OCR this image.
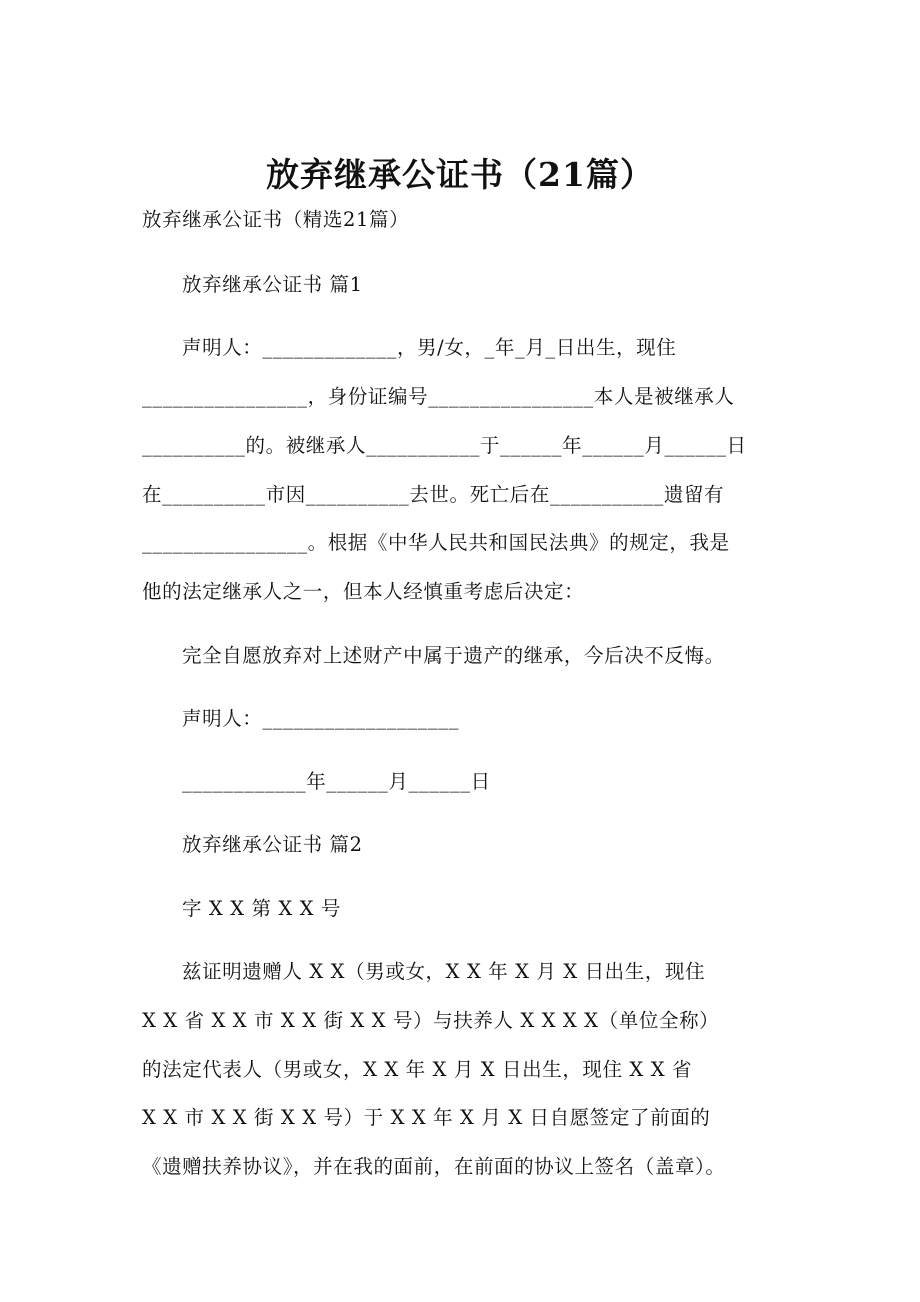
放弃继承公证书（21篇）
放弃继承公证书（精选21篇）
放弃继承公证书 篇1
声明人：_____________，男/女，_年_月_日出生，现住
________________，身份证编号________________本人是被继承人
__________的。被继承人___________于______年______月______日
在__________市因__________去世。死亡后在___________遗留有
________________。根据《中华人民共和国民法典》的规定，我是
他的法定继承人之一，但本人经慎重考虑后决定：
完全自愿放弃对上述财产中属于遗产的继承，今后决不反悔。
声明人：___________________
____________年______月______日
放弃继承公证书 篇2
字 X X 第 X X 号
兹证明遗赠人 X X（男或女，X X 年 X 月 X 日出生，现住
X X 省 X X 市 X X 街 X X 号）与扶养人 X X X X（单位全称）
的法定代表人（男或女，X X 年 X 月 X 日出生，现住 X X 省
X X 市 X X 街 X X 号）于 X X 年 X 月 X 日自愿签定了前面的
《遗赠扶养协议》，并在我的面前，在前面的协议上签名（盖章）。
